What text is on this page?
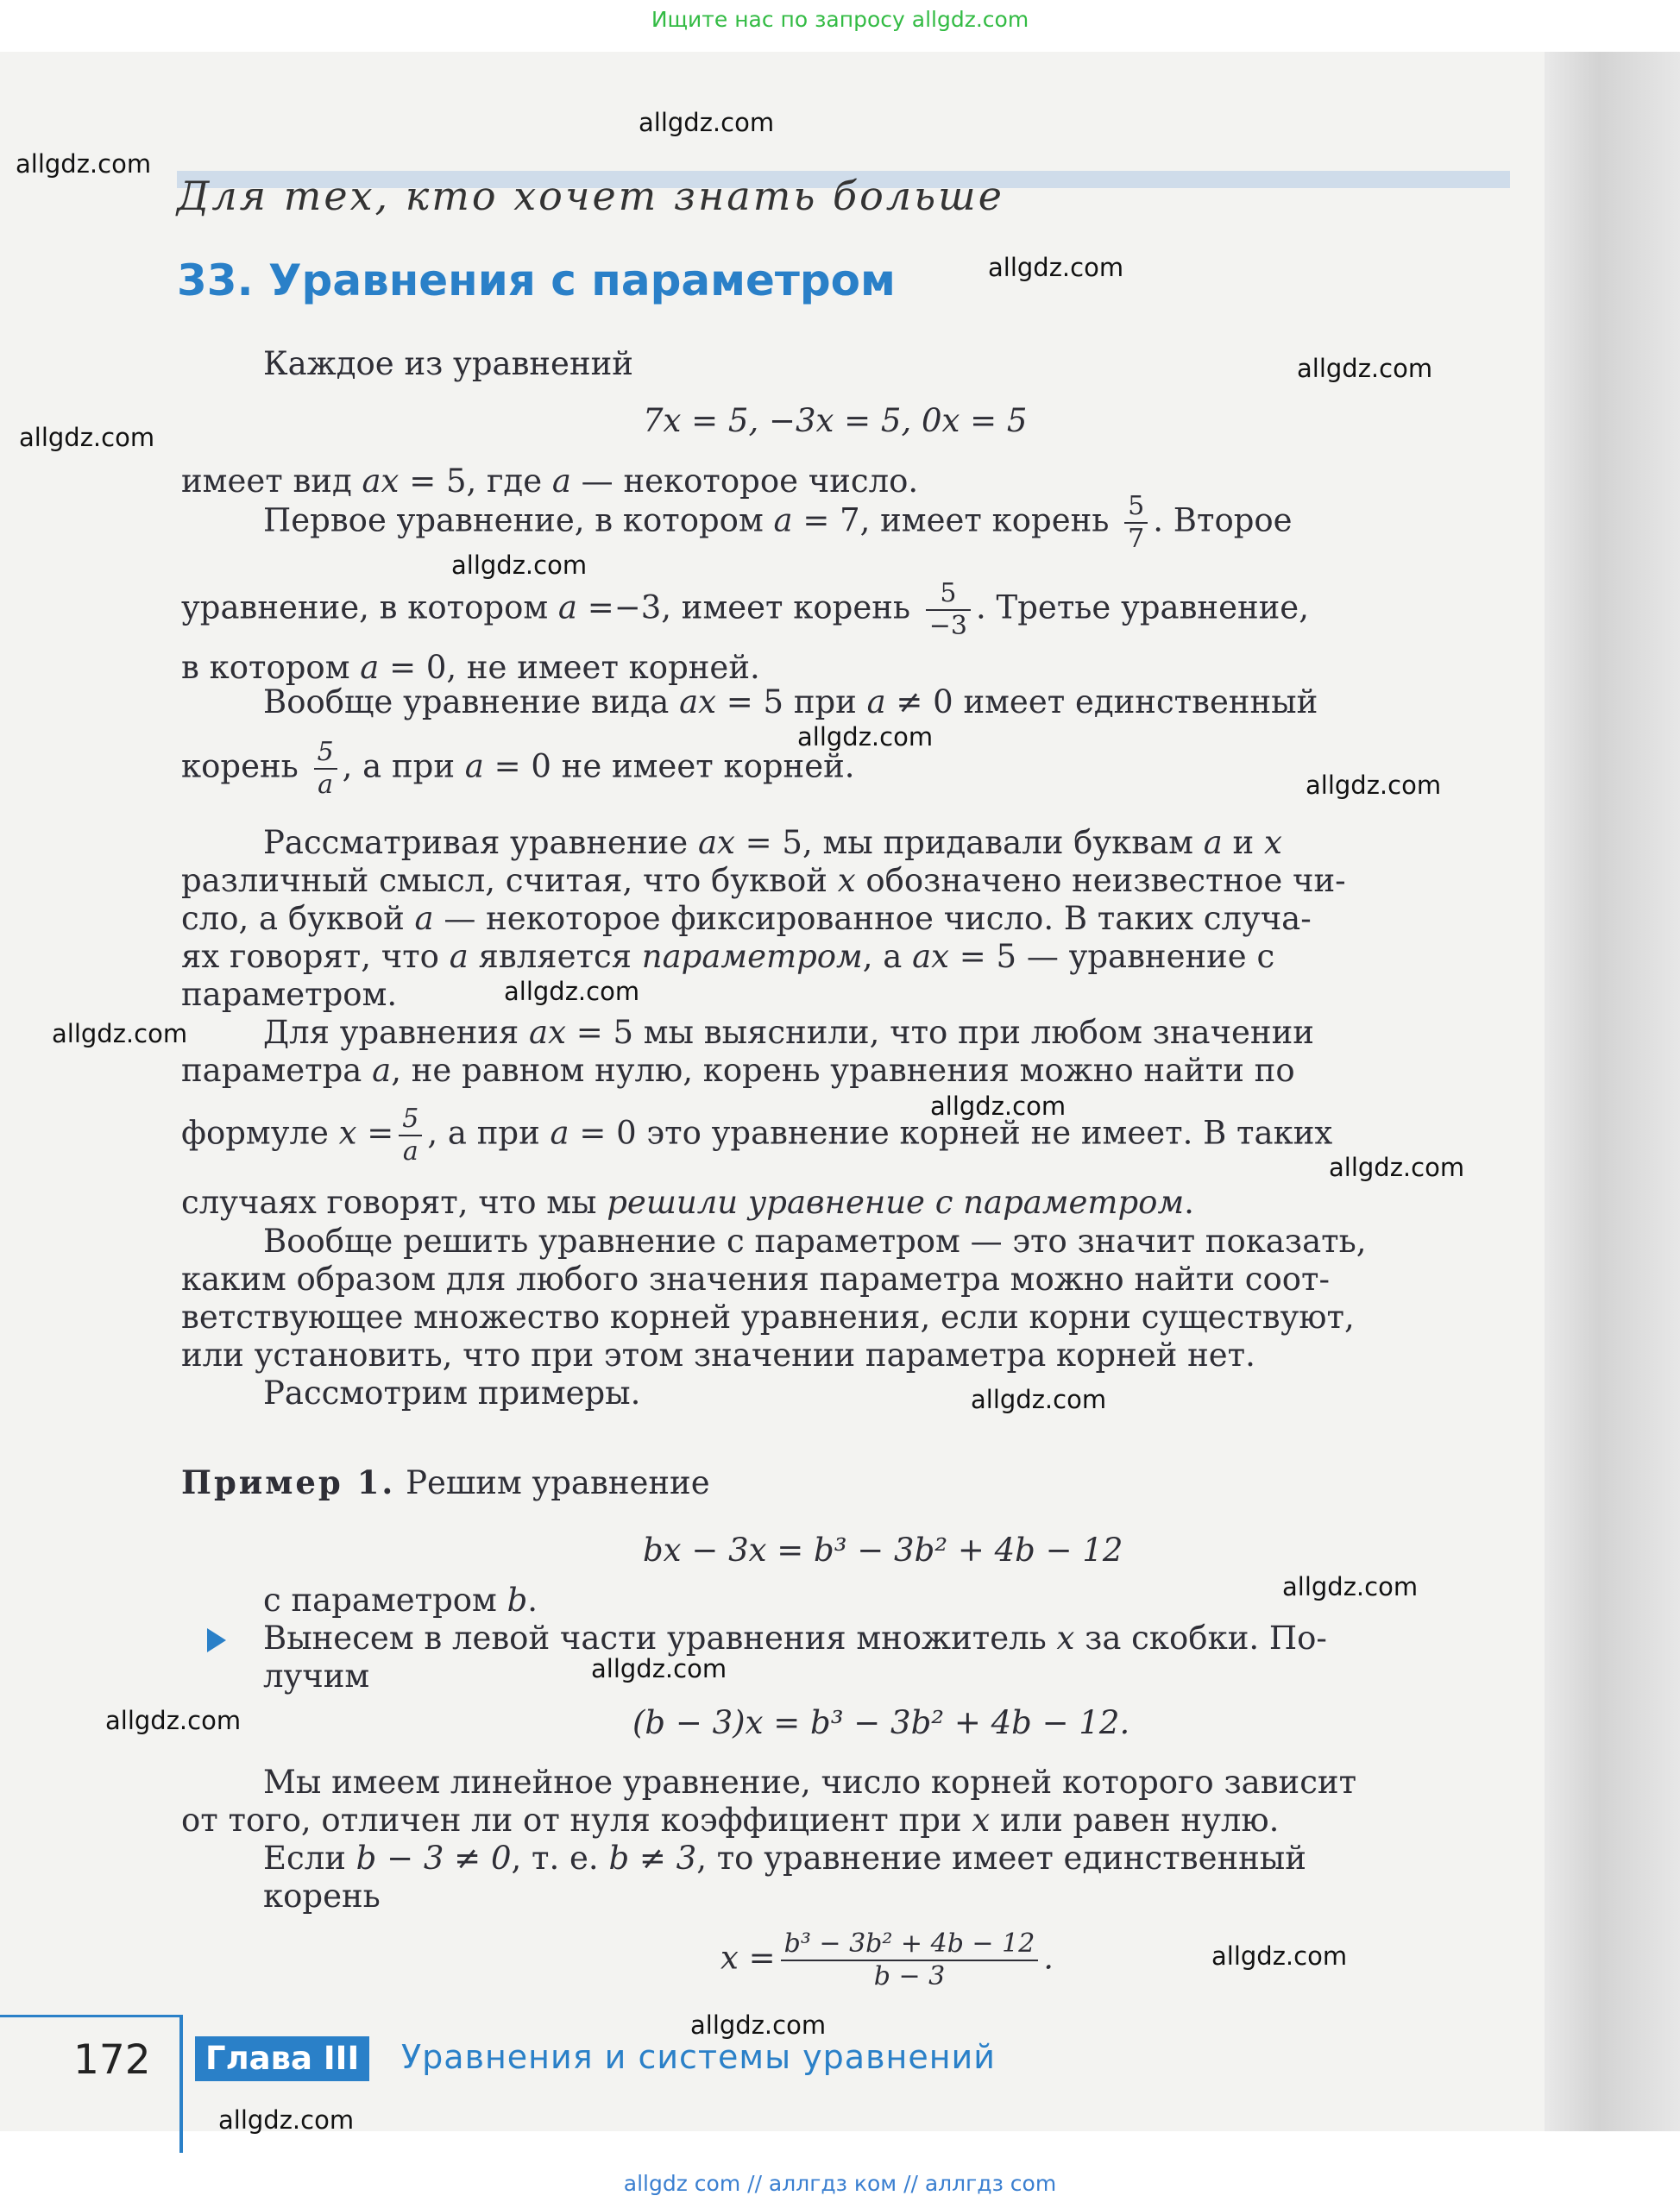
Ищите нас по запросу allgdz.com
allgdz.com
allgdz.com
allgdz.com
allgdz.com
allgdz.com
allgdz.com
allgdz.com
allgdz.com
allgdz.com
allgdz.com
allgdz.com
allgdz.com
allgdz.com
allgdz.com
allgdz.com
allgdz.com
allgdz.com
allgdz.com
allgdz.com
Для тех, кто хочет знать больше
33. Уравнения с параметром
Каждое из уравнений
7x = 5, −3x = 5, 0x = 5
имеет вид ax = 5, где a — некоторое число.
Первое уравнение, в котором a = 7, имеет корень $\frac{5}{7}$ . Второе
уравнение, в котором a =−3, имеет корень $\frac{5}{-3}$ . Третье уравнение,
в котором a = 0, не имеет корней.
Вообще уравнение вида ax = 5 при a ≠ 0 имеет единственный
корень $\frac{5}{a}$ , а при a = 0 не имеет корней.
Рассматривая уравнение ax = 5, мы придавали буквам a и x
различный смысл, считая, что буквой x обозначено неизвестное чи-
сло, а буквой a — некоторое фиксированное число. В таких случа-
ях говорят, что a является параметром, а ax = 5 — уравнение с
параметром.
Для уравнения ax = 5 мы выяснили, что при любом значении
параметра a, не равном нулю, корень уравнения можно найти по
формуле $x = \frac{5}{a}$ , а при a = 0 это уравнение корней не имеет. В таких
случаях говорят, что мы решили уравнение с параметром.
Вообще решить уравнение с параметром — это значит показать,
каким образом для любого значения параметра можно найти соот-
ветствующее множество корней уравнения, если корни существуют,
или установить, что при этом значении параметра корней нет.
Рассмотрим примеры.
Пример 1. Решим уравнение
bx − 3x = b³ − 3b² + 4b − 12
с параметром b.
Вынесем в левой части уравнения множитель x за скобки. По-
лучим
(b − 3)x = b³ − 3b² + 4b − 12.
Мы имеем линейное уравнение, число корней которого зависит
от того, отличен ли от нуля коэффициент при x или равен нулю.
Если b − 3 ≠ 0, т. е. b ≠ 3, то уравнение имеет единственный
корень
$x = \frac{\text{b³ − 3b² + 4b − 12}}{b - 3}$ .
172	Глава III	Уравнения и системы уравнений
allgdz com // аллгдз ком // аллгдз com
